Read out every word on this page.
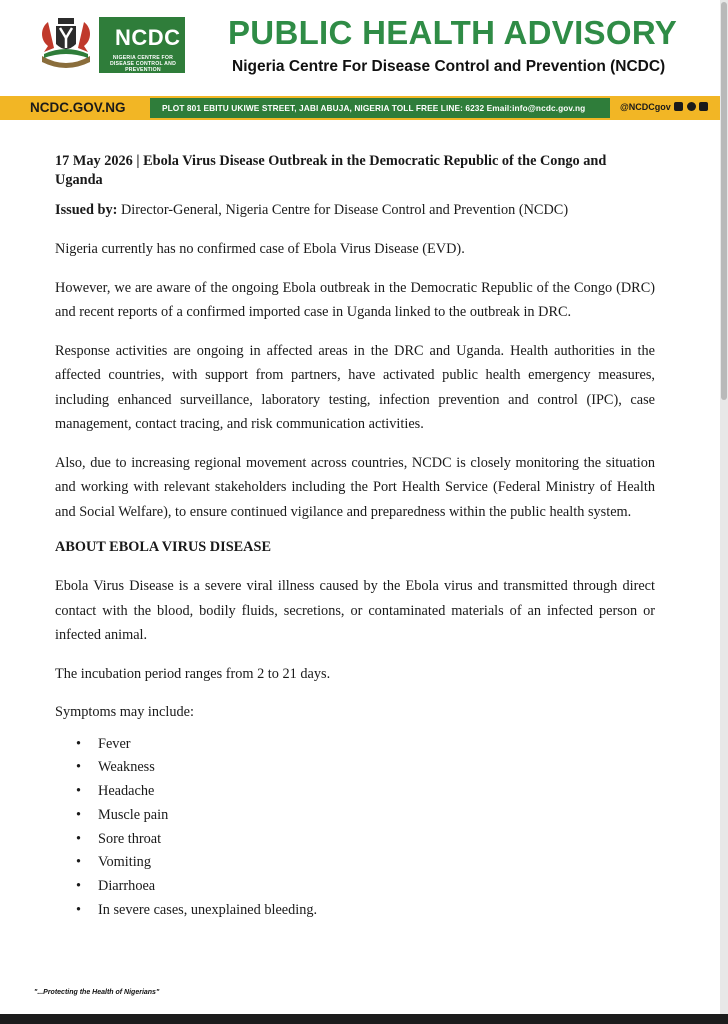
NCDC
NIGERIA CENTRE FOR DISEASE CONTROL AND PREVENTION
PUBLIC HEALTH ADVISORY
Nigeria Centre For Disease Control and Prevention (NCDC)
NCDC.GOV.NG	PLOT 801 EBITU UKIWE STREET, JABI ABUJA, NIGERIA TOLL FREE LINE: 6232 Email:info@ncdc.gov.ng	@NCDCgov
17 May 2026 | Ebola Virus Disease Outbreak in the Democratic Republic of the Congo and Uganda
Issued by: Director-General, Nigeria Centre for Disease Control and Prevention (NCDC)

Nigeria currently has no confirmed case of Ebola Virus Disease (EVD).

However, we are aware of the ongoing Ebola outbreak in the Democratic Republic of the Congo (DRC) and recent reports of a confirmed imported case in Uganda linked to the outbreak in DRC.

Response activities are ongoing in affected areas in the DRC and Uganda. Health authorities in the affected countries, with support from partners, have activated public health emergency measures, including enhanced surveillance, laboratory testing, infection prevention and control (IPC), case management, contact tracing, and risk communication activities.

Also, due to increasing regional movement across countries, NCDC is closely monitoring the situation and working with relevant stakeholders including the Port Health Service (Federal Ministry of Health and Social Welfare), to ensure continued vigilance and preparedness within the public health system.

ABOUT EBOLA VIRUS DISEASE

Ebola Virus Disease is a severe viral illness caused by the Ebola virus and transmitted through direct contact with the blood, bodily fluids, secretions, or contaminated materials of an infected person or infected animal.

The incubation period ranges from 2 to 21 days.

Symptoms may include:

• Fever
• Weakness
• Headache
• Muscle pain
• Sore throat
• Vomiting
• Diarrhoea
• In severe cases, unexplained bleeding.
"...Protecting the Health of Nigerians"
